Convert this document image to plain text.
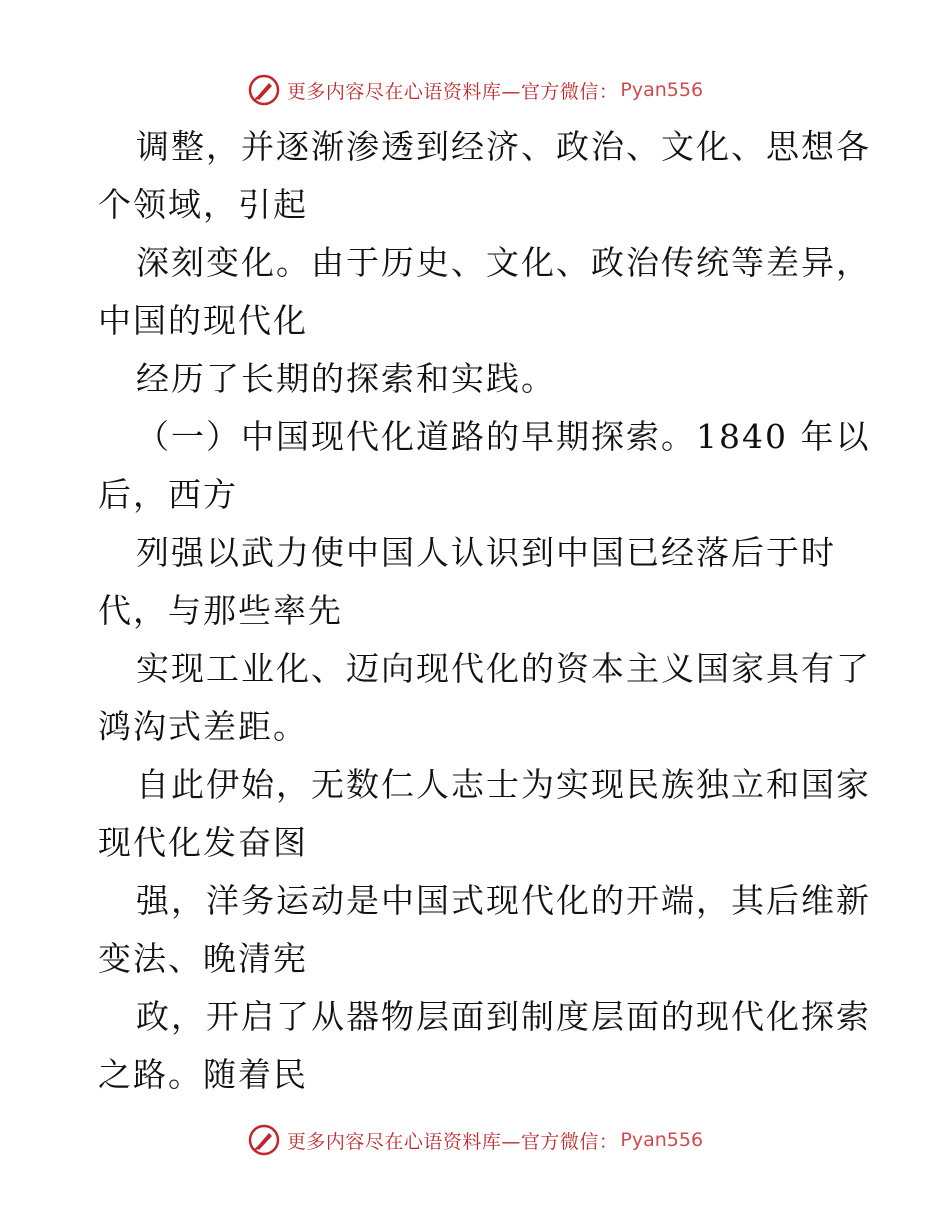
更多内容尽在心语资料库—官方微信： Pyan556

调整，并逐渐渗透到经济、政治、文化、思想各
个领域，引起

深刻变化。由于历史、文化、政治传统等差异，
中国的现代化

经历了长期的探索和实践。

（一）中国现代化道路的早期探索。1840 年以
后，西方

列强以武力使中国人认识到中国已经落后于时
代，与那些率先

实现工业化、迈向现代化的资本主义国家具有了
鸿沟式差距。

自此伊始，无数仁人志士为实现民族独立和国家
现代化发奋图

强，洋务运动是中国式现代化的开端，其后维新
变法、晚清宪

政，开启了从器物层面到制度层面的现代化探索
之路。随着民

更多内容尽在心语资料库—官方微信： Pyan556
